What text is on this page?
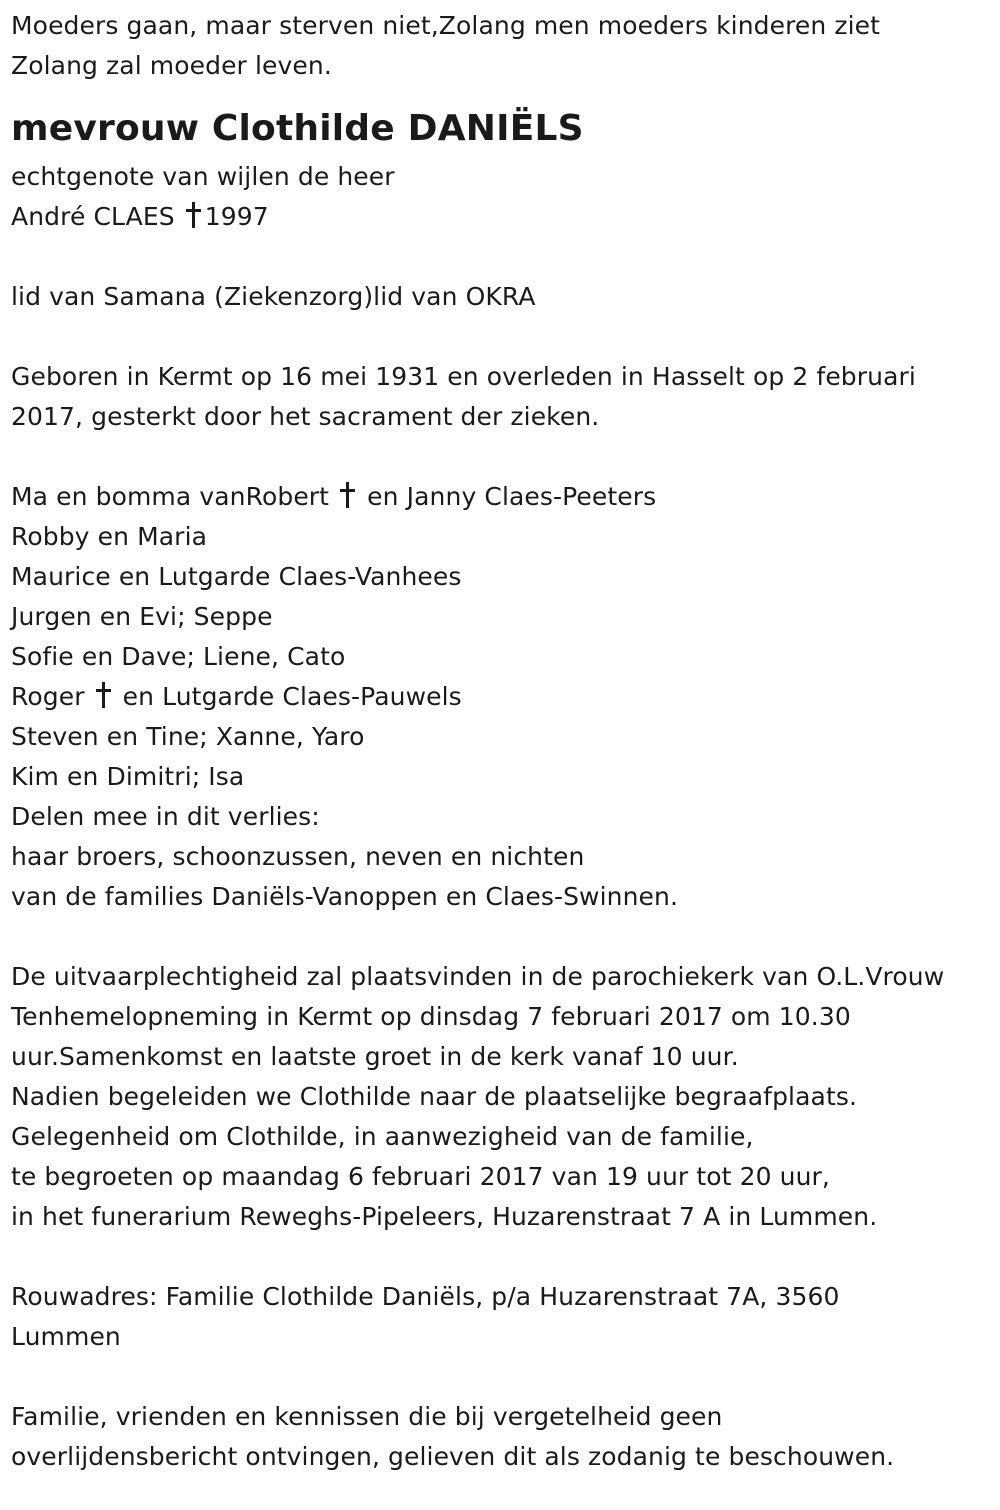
Moeders gaan, maar sterven niet,Zolang men moeders kinderen ziet
Zolang zal moeder leven.
mevrouw Clothilde DANIËLS
echtgenote van wijlen de heer
André CLAES 1997
lid van Samana (Ziekenzorg)lid van OKRA
Geboren in Kermt op 16 mei 1931 en overleden in Hasselt op 2 februari
2017, gesterkt door het sacrament der zieken.
Ma en bomma vanRobert  en Janny Claes-Peeters
Robby en Maria
Maurice en Lutgarde Claes-Vanhees
Jurgen en Evi; Seppe
Sofie en Dave; Liene, Cato
Roger  en Lutgarde Claes-Pauwels
Steven en Tine; Xanne, Yaro
Kim en Dimitri; Isa
Delen mee in dit verlies:
haar broers, schoonzussen, neven en nichten
van de families Daniëls-Vanoppen en Claes-Swinnen.
De uitvaarplechtigheid zal plaatsvinden in de parochiekerk van O.L.Vrouw
Tenhemelopneming in Kermt op dinsdag 7 februari 2017 om 10.30
uur.Samenkomst en laatste groet in de kerk vanaf 10 uur.
Nadien begeleiden we Clothilde naar de plaatselijke begraafplaats.
Gelegenheid om Clothilde, in aanwezigheid van de familie,
te begroeten op maandag 6 februari 2017 van 19 uur tot 20 uur,
in het funerarium Reweghs-Pipeleers, Huzarenstraat 7 A in Lummen.
Rouwadres: Familie Clothilde Daniëls, p/a Huzarenstraat 7A, 3560
Lummen
Familie, vrienden en kennissen die bij vergetelheid geen
overlijdensbericht ontvingen, gelieven dit als zodanig te beschouwen.
